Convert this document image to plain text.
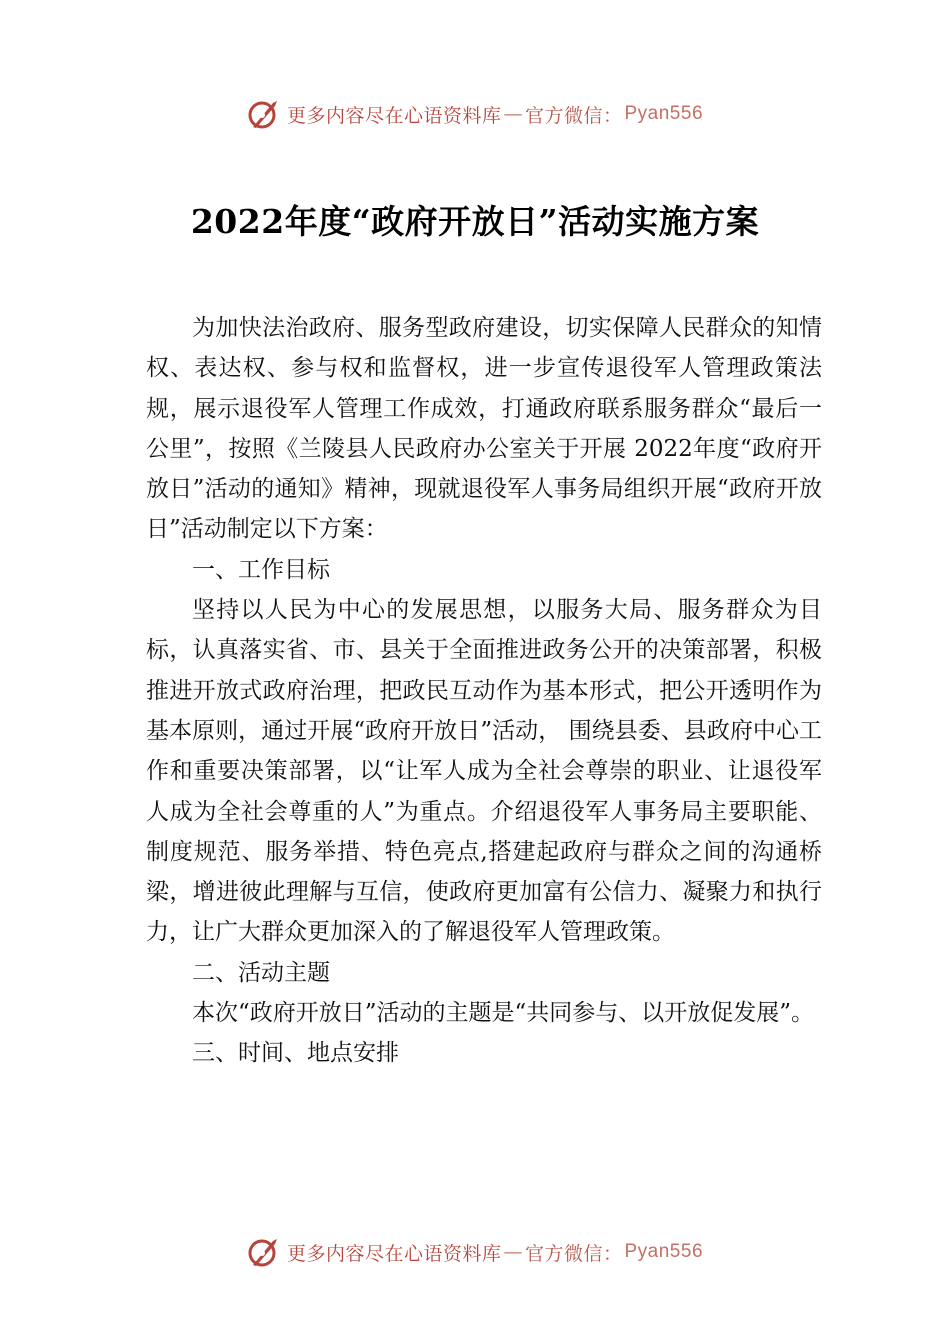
更多内容尽在心语资料库 — 官方微信： Pyan556
2022年度“政府开放日”活动实施方案

为加快法治政府、服务型政府建设，切实保障人民群众的知情权、表达权、参与权和监督权，进一步宣传退役军人管理政策法规，展示退役军人管理工作成效，打通政府联系服务群众“最后一公里”，按照《兰陵县人民政府办公室关于开展 2022年度“政府开放日”活动的通知》精神，现就退役军人事务局组织开展“政府开放日”活动制定以下方案：

一、工作目标

坚持以人民为中心的发展思想，以服务大局、服务群众为目标，认真落实省、市、县关于全面推进政务公开的决策部署，积极推进开放式政府治理，把政民互动作为基本形式，把公开透明作为基本原则，通过开展“政府开放日”活动， 围绕县委、县政府中心工作和重要决策部署，以“让军人成为全社会尊崇的职业、让退役军人成为全社会尊重的人”为重点。介绍退役军人事务局主要职能、制度规范、服务举措、特色亮点,搭建起政府与群众之间的沟通桥梁，增进彼此理解与互信，使政府更加富有公信力、凝聚力和执行力，让广大群众更加深入的了解退役军人管理政策。

二、活动主题

本次“政府开放日”活动的主题是“共同参与、以开放促发展”。

三、时间、地点安排

更多内容尽在心语资料库 — 官方微信： Pyan556
